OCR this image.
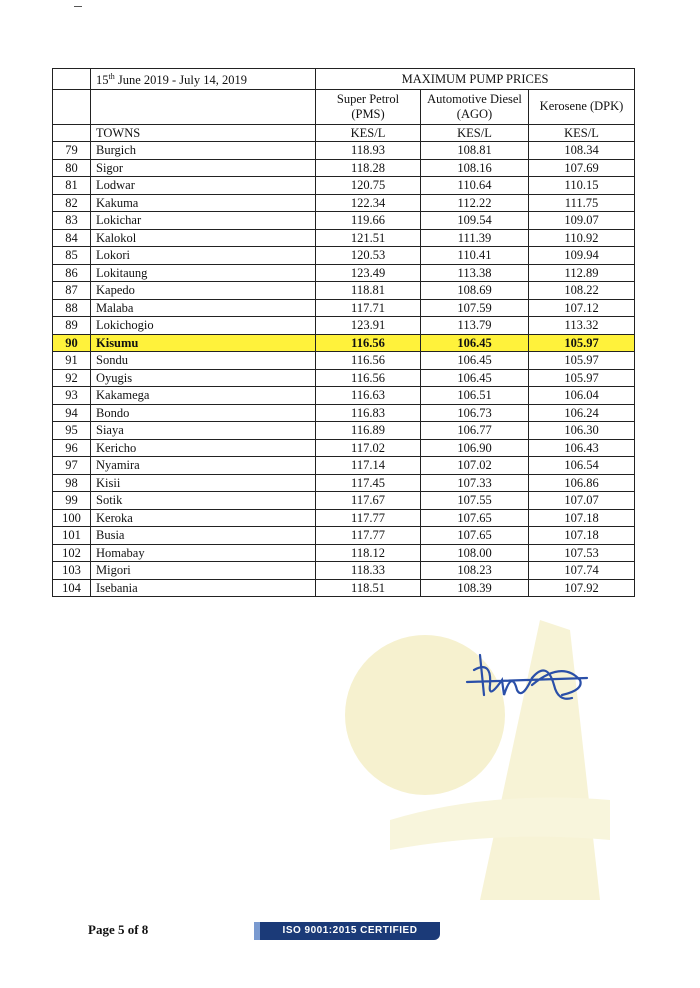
	15th June 2019 - July 14, 2019	MAXIMUM PUMP PRICES		
		Super Petrol (PMS)	Automotive Diesel (AGO)	Kerosene (DPK)
	TOWNS	KES/L	KES/L	KES/L
79	Burgich	118.93	108.81	108.34
80	Sigor	118.28	108.16	107.69
81	Lodwar	120.75	110.64	110.15
82	Kakuma	122.34	112.22	111.75
83	Lokichar	119.66	109.54	109.07
84	Kalokol	121.51	111.39	110.92
85	Lokori	120.53	110.41	109.94
86	Lokitaung	123.49	113.38	112.89
87	Kapedo	118.81	108.69	108.22
88	Malaba	117.71	107.59	107.12
89	Lokichogio	123.91	113.79	113.32
90	Kisumu	116.56	106.45	105.97
91	Sondu	116.56	106.45	105.97
92	Oyugis	116.56	106.45	105.97
93	Kakamega	116.63	106.51	106.04
94	Bondo	116.83	106.73	106.24
95	Siaya	116.89	106.77	106.30
96	Kericho	117.02	106.90	106.43
97	Nyamira	117.14	107.02	106.54
98	Kisii	117.45	107.33	106.86
99	Sotik	117.67	107.55	107.07
100	Keroka	117.77	107.65	107.18
101	Busia	117.77	107.65	107.18
102	Homabay	118.12	108.00	107.53
103	Migori	118.33	108.23	107.74
104	Isebania	118.51	108.39	107.92
Page 5 of 8	ISO 9001:2015 CERTIFIED
